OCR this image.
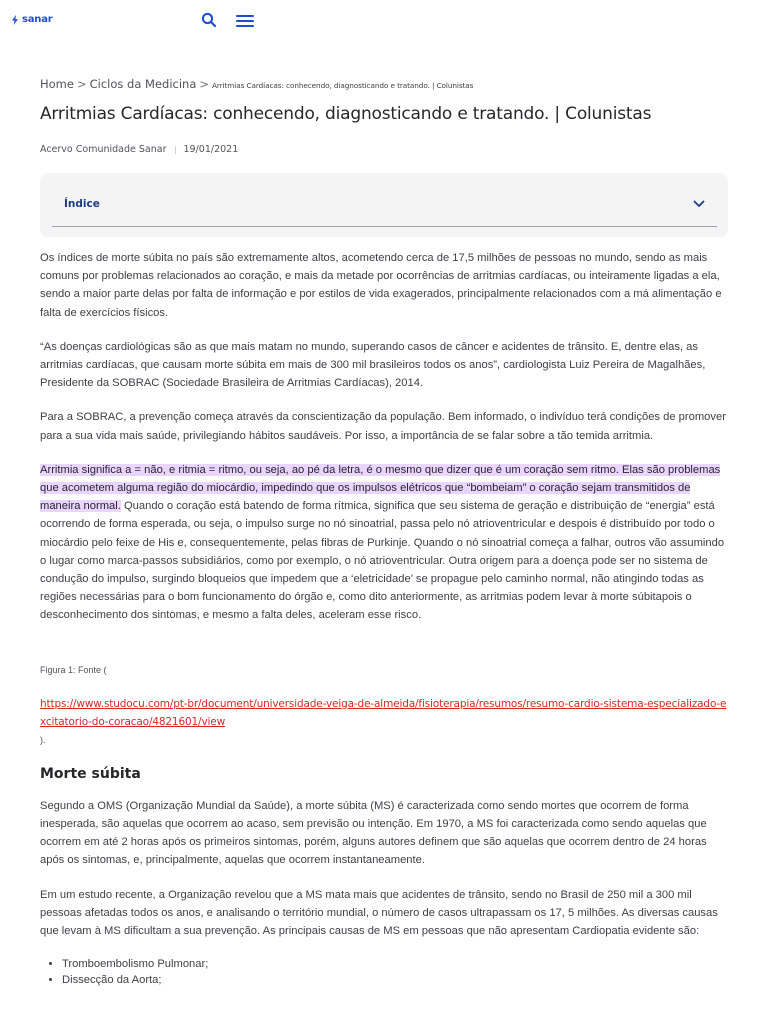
sanar
Home > Ciclos da Medicina > Arritmias Cardíacas: conhecendo, diagnosticando e tratando. | Colunistas
Arritmias Cardíacas: conhecendo, diagnosticando e tratando. | Colunistas
Acervo Comunidade Sanar 19/01/2021
Índice

Os índices de morte súbita no país são extremamente altos, acometendo cerca de 17,5 milhões de pessoas no mundo, sendo as mais comuns por problemas relacionados ao coração, e mais da metade por ocorrências de arritmias cardíacas, ou inteiramente ligadas a ela, sendo a maior parte delas por falta de informação e por estilos de vida exagerados, principalmente relacionados com a má alimentação e falta de exercícios físicos.

“As doenças cardiológicas são as que mais matam no mundo, superando casos de câncer e acidentes de trânsito. E, dentre elas, as arritmias cardíacas, que causam morte súbita em mais de 300 mil brasileiros todos os anos”, cardiologista Luiz Pereira de Magalhães, Presidente da SOBRAC (Sociedade Brasileira de Arritmias Cardíacas), 2014.

Para a SOBRAC, a prevenção começa através da conscientização da população. Bem informado, o indivíduo terá condições de promover para a sua vida mais saúde, privilegiando hábitos saudáveis. Por isso, a importância de se falar sobre a tão temida arritmia.

Arritmia significa a = não, e ritmia = ritmo, ou seja, ao pé da letra, é o mesmo que dizer que é um coração sem ritmo. Elas são problemas que acometem alguma região do miocárdio, impedindo que os impulsos elétricos que “bombeiam” o coração sejam transmitidos de maneira normal. Quando o coração está batendo de forma rítmica, significa que seu sistema de geração e distribuição de “energia” está ocorrendo de forma esperada, ou seja, o impulso surge no nó sinoatrial, passa pelo nó atrioventricular e despois é distribuído por todo o miocárdio pelo feixe de His e, consequentemente, pelas fibras de Purkinje. Quando o nó sinoatrial começa a falhar, outros vão assumindo o lugar como marca-passos subsidiários, como por exemplo, o nó atrioventricular. Outra origem para a doença pode ser no sistema de condução do impulso, surgindo bloqueios que impedem que a ‘eletricidade’ se propague pelo caminho normal, não atingindo todas as regiões necessárias para o bom funcionamento do órgão e, como dito anteriormente, as arritmias podem levar à morte súbitapois o desconhecimento dos sintomas, e mesmo a falta deles, aceleram esse risco.

Figura 1: Fonte (

https://www.studocu.com/pt-br/document/universidade-veiga-de-almeida/fisioterapia/resumos/resumo-cardio-sistema-especializado-excitatorio-do-coracao/4821601/view

).

Morte súbita

Segundo a OMS (Organização Mundial da Saúde), a morte súbita (MS) é caracterizada como sendo mortes que ocorrem de forma inesperada, são aquelas que ocorrem ao acaso, sem previsão ou intenção. Em 1970, a MS foi caracterizada como sendo aquelas que ocorrem em até 2 horas após os primeiros sintomas, porém, alguns autores definem que são aquelas que ocorrem dentro de 24 horas após os sintomas, e, principalmente, aquelas que ocorrem instantaneamente.

Em um estudo recente, a Organização revelou que a MS mata mais que acidentes de trânsito, sendo no Brasil de 250 mil a 300 mil pessoas afetadas todos os anos, e analisando o território mundial, o número de casos ultrapassam os 17, 5 milhões. As diversas causas que levam à MS dificultam a sua prevenção. As principais causas de MS em pessoas que não apresentam Cardiopatia evidente são:

• Tromboembolismo Pulmonar;
• Dissecção da Aorta;
